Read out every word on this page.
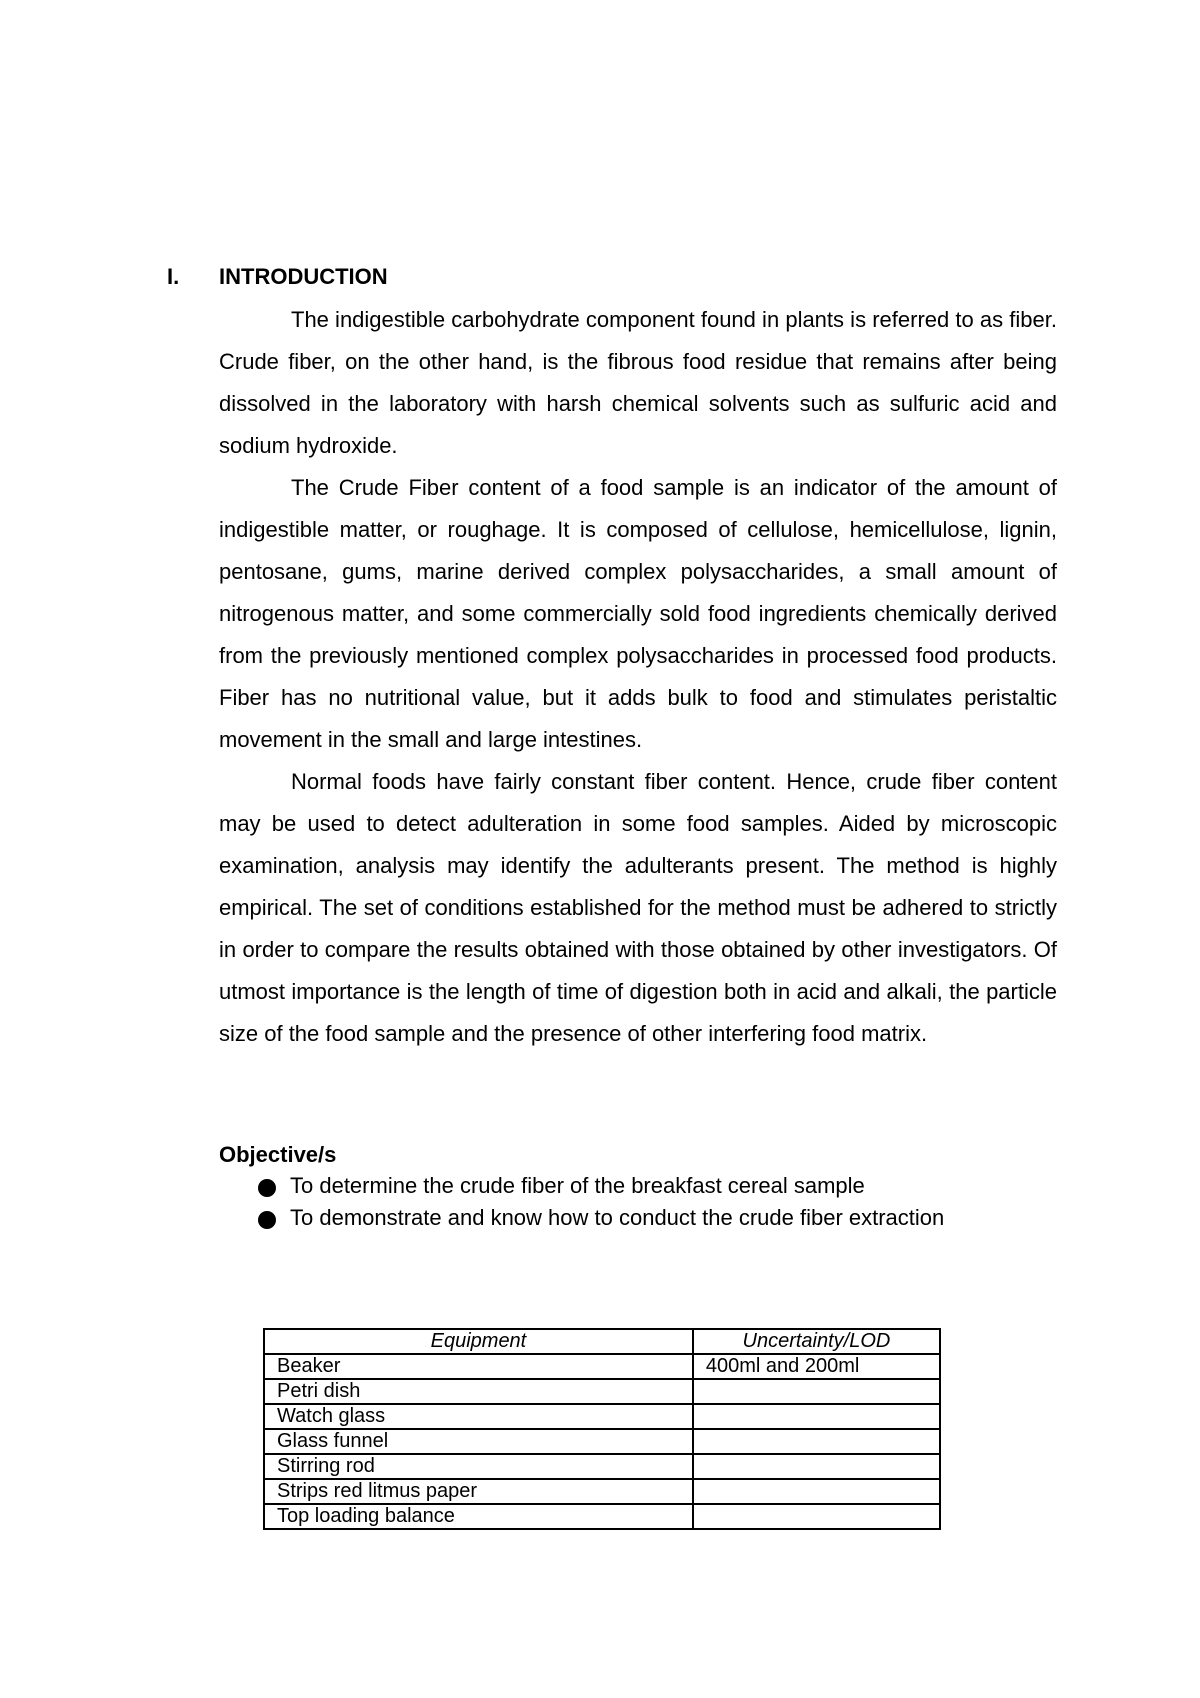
I. INTRODUCTION

The indigestible carbohydrate component found in plants is referred to as fiber. Crude fiber, on the other hand, is the fibrous food residue that remains after being dissolved in the laboratory with harsh chemical solvents such as sulfuric acid and sodium hydroxide.

The Crude Fiber content of a food sample is an indicator of the amount of indigestible matter, or roughage. It is composed of cellulose, hemicellulose, lignin, pentosane, gums, marine derived complex polysaccharides, a small amount of nitrogenous matter, and some commercially sold food ingredients chemically derived from the previously mentioned complex polysaccharides in processed food products. Fiber has no nutritional value, but it adds bulk to food and stimulates peristaltic movement in the small and large intestines.

Normal foods have fairly constant fiber content. Hence, crude fiber content may be used to detect adulteration in some food samples. Aided by microscopic examination, analysis may identify the adulterants present. The method is highly empirical. The set of conditions established for the method must be adhered to strictly in order to compare the results obtained with those obtained by other investigators. Of utmost importance is the length of time of digestion both in acid and alkali, the particle size of the food sample and the presence of other interfering food matrix.

Objective/s

To determine the crude fiber of the breakfast cereal sample
To demonstrate and know how to conduct the crude fiber extraction
Equipment	Uncertainty/LOD
Beaker	400ml and 200ml
Petri dish	
Watch glass	
Glass funnel	
Stirring rod	
Strips red litmus paper	
Top loading balance	
